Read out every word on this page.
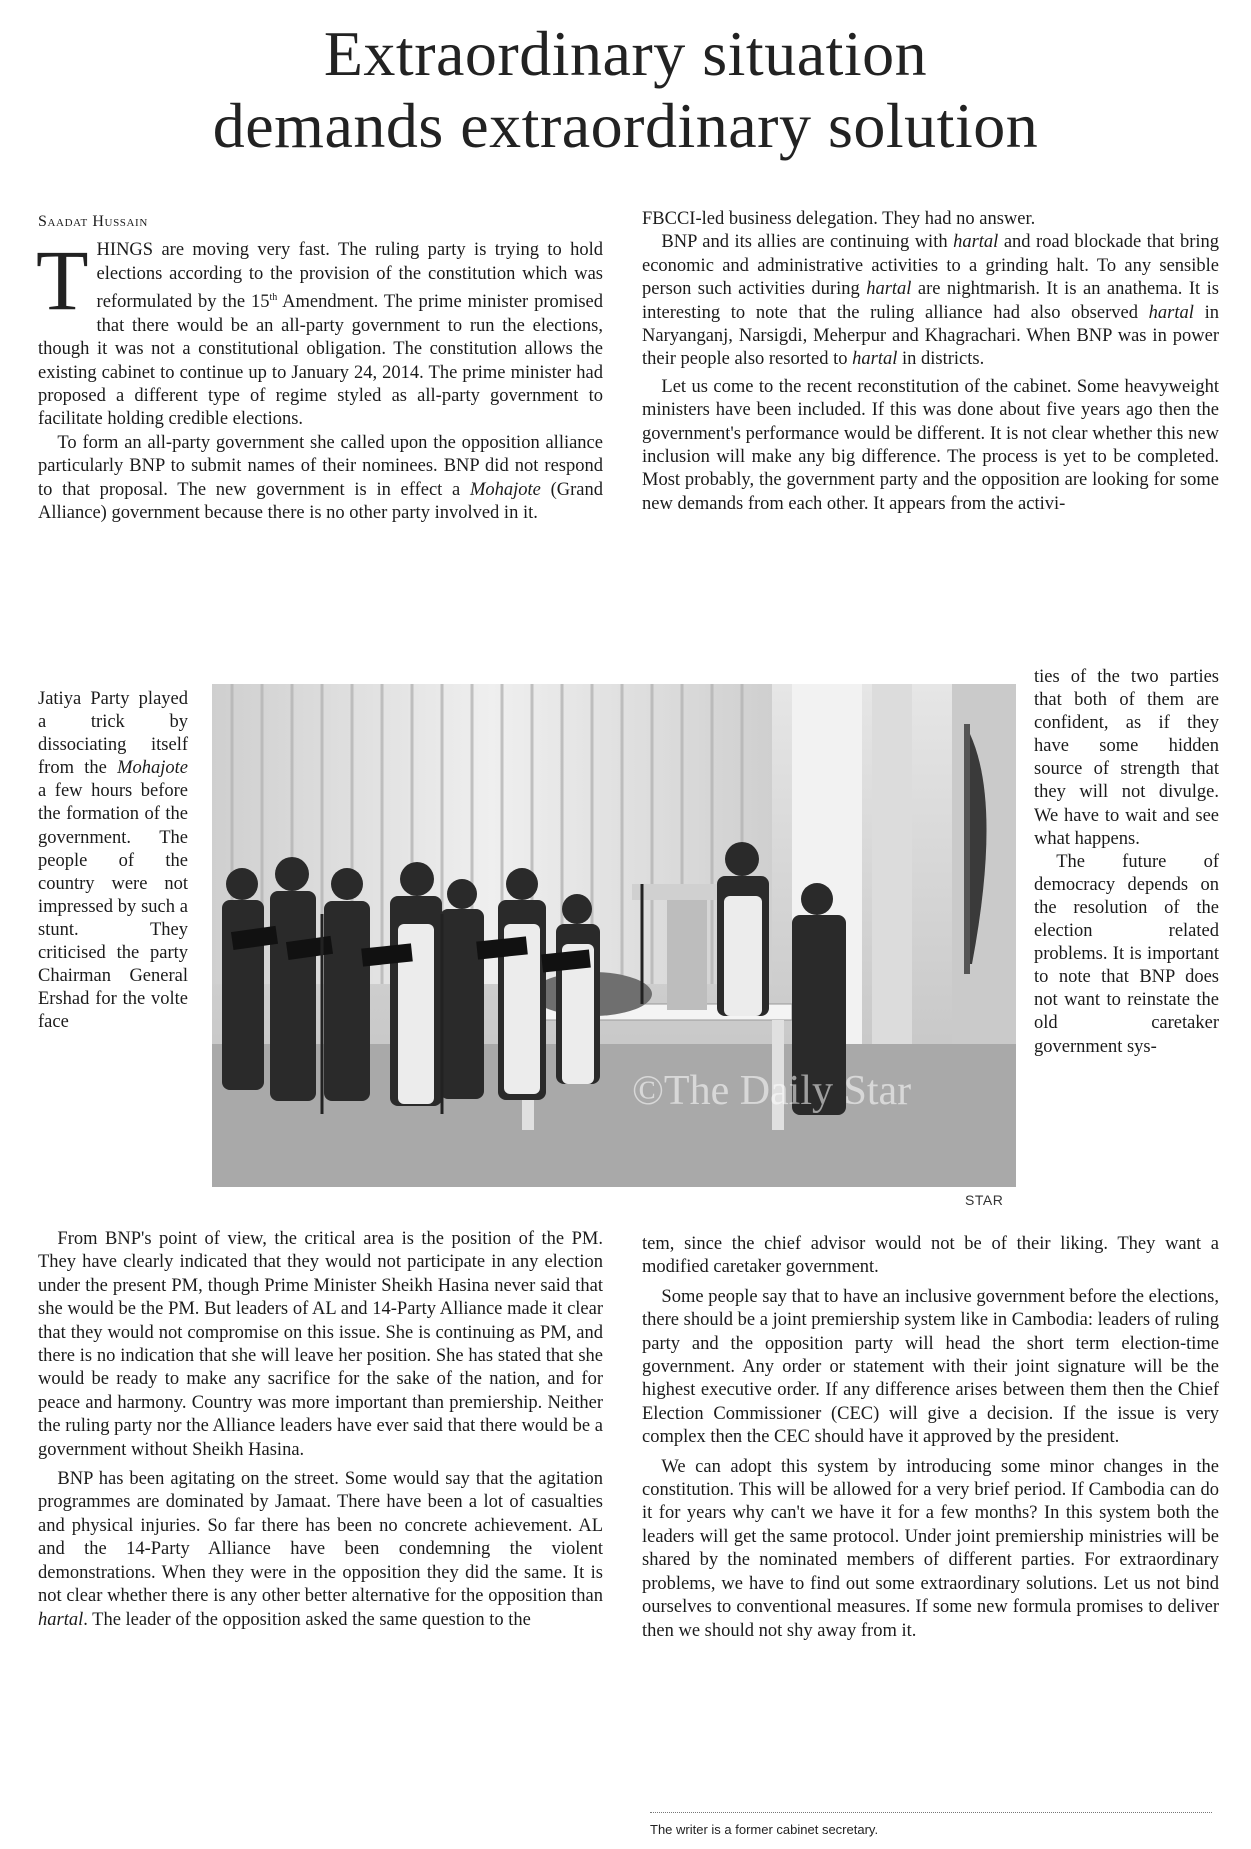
Extraordinary situation
demands extraordinary solution
Saadat Hussain

THINGS are moving very fast. The ruling party is trying to hold elections according to the provision of the constitution which was reformulated by the 15th Amendment. The prime minister promised that there would be an all-party government to run the elections, though it was not a constitutional obligation. The constitution allows the existing cabinet to continue up to January 24, 2014. The prime minister had proposed a different type of regime styled as all-party government to facilitate holding credible elections.

To form an all-party government she called upon the opposition alliance particularly BNP to submit names of their nominees. BNP did not respond to that proposal. The new government is in effect a Mohajote (Grand Alliance) government because there is no other party involved in it.

Jatiya Party played a trick by dissociating itself from the Mohajote a few hours before the formation of the government. The people of the country were not impressed by such a stunt. They criticised the party Chairman General Ershad for the volte face

From BNP's point of view, the critical area is the position of the PM. They have clearly indicated that they would not participate in any election under the present PM, though Prime Minister Sheikh Hasina never said that she would be the PM. But leaders of AL and 14-Party Alliance made it clear that they would not compromise on this issue. She is continuing as PM, and there is no indication that she will leave her position. She has stated that she would be ready to make any sacrifice for the sake of the nation, and for peace and harmony. Country was more important than premiership. Neither the ruling party nor the Alliance leaders have ever said that there would be a government without Sheikh Hasina.

BNP has been agitating on the street. Some would say that the agitation programmes are dominated by Jamaat. There have been a lot of casualties and physical injuries. So far there has been no concrete achievement. AL and the 14-Party Alliance have been condemning the violent demonstrations. When they were in the opposition they did the same. It is not clear whether there is any other better alternative for the opposition than hartal. The leader of the opposition asked the same question to the

FBCCI-led business delegation. They had no answer.

BNP and its allies are continuing with hartal and road blockade that bring economic and administrative activities to a grinding halt. To any sensible person such activities during hartal are nightmarish. It is an anathema. It is interesting to note that the ruling alliance had also observed hartal in Naryanganj, Narsigdi, Meherpur and Khagrachari. When BNP was in power their people also resorted to hartal in districts.

Let us come to the recent reconstitution of the cabinet. Some heavyweight ministers have been included. If this was done about five years ago then the government's performance would be different. It is not clear whether this new inclusion will make any big difference. The process is yet to be completed. Most probably, the government party and the opposition are looking for some new demands from each other. It appears from the activi-

ties of the two parties that both of them are confident, as if they have some hidden source of strength that they will not divulge. We have to wait and see what happens.

The future of democracy depends on the resolution of the election related problems. It is important to note that BNP does not want to reinstate the old caretaker government sys-

tem, since the chief advisor would not be of their liking. They want a modified caretaker government.

Some people say that to have an inclusive government before the elections, there should be a joint premiership system like in Cambodia: leaders of ruling party and the opposition party will head the short term election-time government. Any order or statement with their joint signature will be the highest executive order. If any difference arises between them then the Chief Election Commissioner (CEC) will give a decision. If the issue is very complex then the CEC should have it approved by the president.

We can adopt this system by introducing some minor changes in the constitution. This will be allowed for a very brief period. If Cambodia can do it for years why can't we have it for a few months? In this system both the leaders will get the same protocol. Under joint premiership ministries will be shared by the nominated members of different parties. For extraordinary problems, we have to find out some extraordinary solutions. Let us not bind ourselves to conventional measures. If some new formula promises to deliver then we should not shy away from it.

©The Daily Star
STAR
The writer is a former cabinet secretary.
